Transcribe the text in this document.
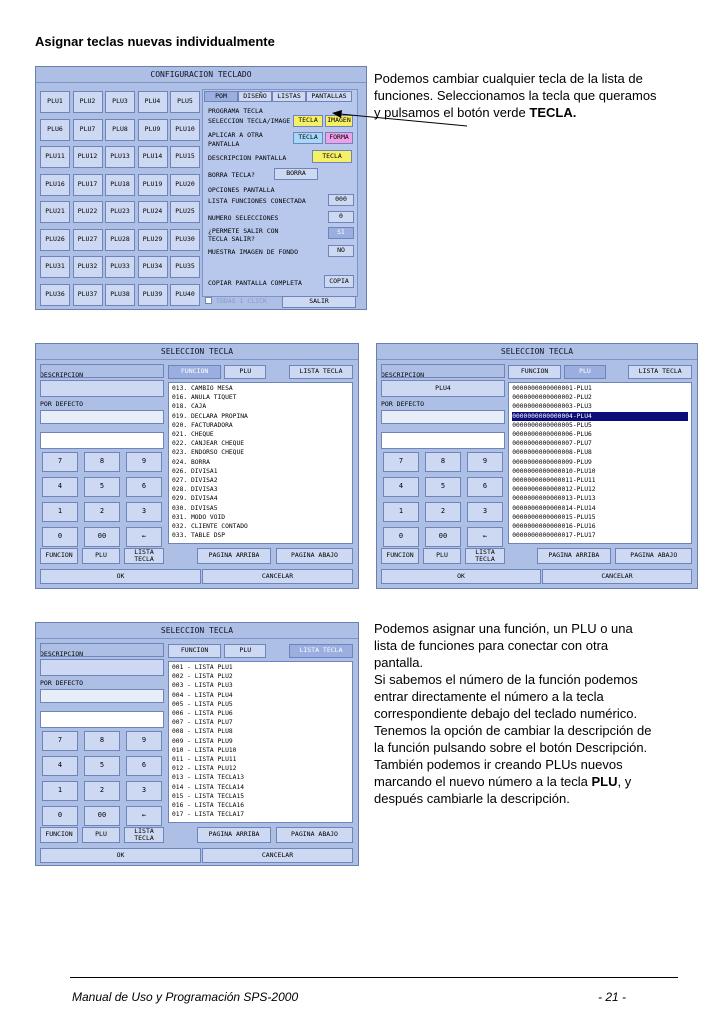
Asignar teclas nuevas individualmente
CONFIGURACION TECLADO
PLU1	PLU2	PLU3	PLU4	PLU5
PLU6	PLU7	PLU8	PLU9	PLU10
PLU11	PLU12	PLU13	PLU14	PLU15
PLU16	PLU17	PLU18	PLU19	PLU20
PLU21	PLU22	PLU23	PLU24	PLU25
PLU26	PLU27	PLU28	PLU29	PLU30
PLU31	PLU32	PLU33	PLU34	PLU35
PLU36	PLU37	PLU38	PLU39	PLU40
POM	DISEÑO	LISTAS	PANTALLAS
PROGRAMA TECLA
SELECCION TECLA/IMAGE	TECLA	IMAGEN
APLICAR A OTRA
PANTALLA
TECLA	FORMA
DESCRIPCION PANTALLA	TECLA
BORRA TECLA?	BORRA
OPCIONES PANTALLA
LISTA FUNCIONES CONECTADA	000
NUMERO SELECCIONES	0
¿PERMETE SALIR CON
TECLA SALIR?
SI
MUESTRA IMAGEN DE FONDO	NO
COPIAR PANTALLA COMPLETA	COPIA
TODAS 1 CLICK	SALIR
Podemos cambiar cualquier tecla de la lista de
funciones. Seleccionamos la tecla que queramos
y pulsamos el botón verde TECLA.
SELECCION TECLA
DESCRIPCION
POR DEFECTO
FUNCION	PLU	LISTA TECLA
7	8	9
4	5	6
1	2	3
0	00	←
FUNCION	PLU	LISTA
TECLA	PAGINA ARRIBA	PAGINA ABAJO
OK	CANCELAR
013. CAMBIO MESA
016. ANULA TIQUET
018. CAJA
019. DECLARA PROPINA
020. FACTURADORA
021. CHEQUE
022. CANJEAR CHEQUE
023. ENDORSO CHEQUE
024. BORRA
026. DIVISA1
027. DIVISA2
028. DIVISA3
029. DIVISA4
030. DIVISA5
031. MODO VOID
032. CLIENTE CONTADO
033. TABLE DSP
SELECCION TECLA
DESCRIPCION
PLU4
POR DEFECTO
FUNCION	PLU	LISTA TECLA
7	8	9
4	5	6
1	2	3
0	00	←
FUNCION	PLU	LISTA
TECLA	PAGINA ARRIBA	PAGINA ABAJO
OK	CANCELAR
0000000000000001-PLU1
0000000000000002-PLU2
0000000000000003-PLU3
0000000000000004-PLU4
0000000000000005-PLU5
0000000000000006-PLU6
0000000000000007-PLU7
0000000000000008-PLU8
0000000000000009-PLU9
0000000000000010-PLU10
0000000000000011-PLU11
0000000000000012-PLU12
0000000000000013-PLU13
0000000000000014-PLU14
0000000000000015-PLU15
0000000000000016-PLU16
0000000000000017-PLU17
SELECCION TECLA
DESCRIPCION
POR DEFECTO
FUNCION	PLU	LISTA TECLA
7	8	9
4	5	6
1	2	3
0	00	←
FUNCION	PLU	LISTA
TECLA	PAGINA ARRIBA	PAGINA ABAJO
OK	CANCELAR
001 - LISTA PLU1
002 - LISTA PLU2
003 - LISTA PLU3
004 - LISTA PLU4
005 - LISTA PLU5
006 - LISTA PLU6
007 - LISTA PLU7
008 - LISTA PLU8
009 - LISTA PLU9
010 - LISTA PLU10
011 - LISTA PLU11
012 - LISTA PLU12
013 - LISTA TECLA13
014 - LISTA TECLA14
015 - LISTA TECLA15
016 - LISTA TECLA16
017 - LISTA TECLA17
Podemos asignar una función, un PLU o una
lista de funciones para conectar con otra
pantalla.
Si sabemos el número de la función podemos
entrar directamente el número a la tecla
correspondiente debajo del teclado numérico.
Tenemos la opción de cambiar la descripción de
la función pulsando sobre el botón Descripción.
También podemos ir creando PLUs nuevos
marcando el nuevo número a la tecla PLU, y
después cambiarle la descripción.
Manual de Uso y Programación SPS-2000	- 21 -
